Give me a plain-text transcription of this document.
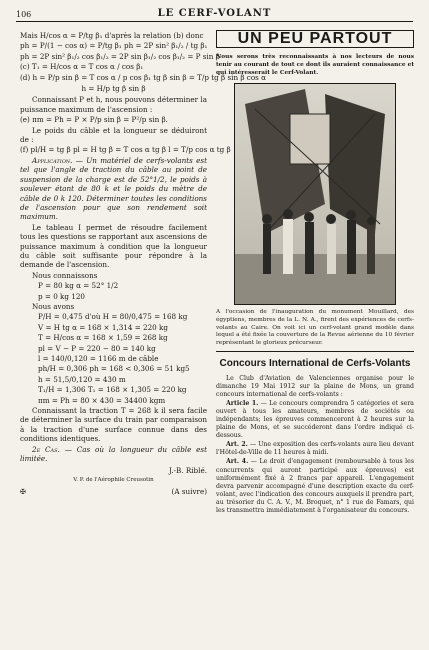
106	LE CERF-VOLANT
Mais H/cos α = P/tg β₁ d'après la relation (b) donc
ph = P/(1 − cos α) = P/tg β₁ ph = 2P sin² β₁/₂ / tg β₁
ph = 2P sin² β₁/₂ cos β₁/₂ = 2P sin β₁/₂ cos β₁/₂ = P sin β
(c) T₁ = H/cos α = T cos α / cos β₁
(d) h = P/p sin β = T cos α / p cos β₁ tg β sin β = T/p tg β sin β cos α
h = H/p tg β sin β
Connaissant P et h, nous pouvons déterminer la puissance maximum de l'ascension :
(e) πm = Ph = P × P/p sin β = P²/p sin β.
Le poids du câble et la longueur se déduiront de :
(f) pl/H = tg β pl = H tg β = T cos α tg β l = T/p cos α tg β
Application. — Un matériel de cerfs-volants est tel que l'angle de traction du câble au point de suspension de la charge est de 52°1/2, le poids à soulever étant de 80 k et le poids du mètre de câble de 0 k 120. Déterminer toutes les conditions de l'ascension pour que son rendement soit maximum.
Le tableau I permet de résoudre facilement tous les questions se rapportant aux ascensions de puissance maximum à condition que la longueur du câble soit suffisante pour répondre à la demande de l'ascension.
Nous connaissons
P = 80 kg α = 52° 1/2
p = 0 kg 120
Nous avons
P/H = 0,475 d'où H = 80/0,475 = 168 kg
V = H tg α = 168 × 1,314 = 220 kg
T = H/cos α = 168 × 1,59 = 268 kg
pl = V − P = 220 − 80 = 140 kg
l = 140/0,120 = 1166 m de câble
ph/H = 0,306 ph = 168 < 0,306 = 51 kg5
h = 51,5/0,120 = 430 m
T₁/H = 1,306 T₁ = 168 × 1,305 = 220 kg
πm = Ph = 80 × 430 = 34400 kgm
Connaissant la traction T = 268 k il sera facile de déterminer la surface du train par comparaison à la traction d'une surface connue dans des conditions identiques.
2e Cas. — Cas où la longueur du câble est limitée.
J.-B. Riblé.
V. P. de l'Aérophile Creusotin
✠	(A suivre)
UN PEU PARTOUT
Nous serons très reconnaissants à nos lecteurs de nous tenir au courant de tout ce dont ils auraient connaissance et qui intéresserait le Cerf-Volant.
A l'occasion de l'inauguration du monument Mouillard, des égyptiens, membres de la L. N. A., firent des expériences de cerfs-volants au Caire. On voit ici un cerf-volant grand modèle dans lequel a été fixée la couverture de la Revue aérienne du 10 février représentant le glorieux précurseur.
Concours International de Cerfs-Volants
Le Club d'Aviation de Valenciennes organise pour le dimanche 19 Mai 1912 sur la plaine de Mons, un grand concours international de cerfs-volants :
Article 1. — Le concours comprendra 5 catégories et sera ouvert à tous les amateurs, membres de sociétés ou indépendants; les épreuves commenceront à 2 heures sur la plaine de Mons, et se succéderont dans l'ordre indiqué ci-dessous.
Art. 2. — Une exposition des cerfs-volants aura lieu devant l'Hôtel-de-Ville de 11 heures à midi.
Art. 4. — Le droit d'engagement (remboursable à tous les concurrents qui auront participé aux épreuves) est uniformément fixé à 2 francs par appareil. L'engagement devra parvenir accompagné d'une description exacte du cerf-volant, avec l'indication des concours auxquels il prendra part, au trésorier du C. A. V., M. Broquet, n° 1 rue de Famars, qui les transmettra immédiatement à l'organisateur du concours.
